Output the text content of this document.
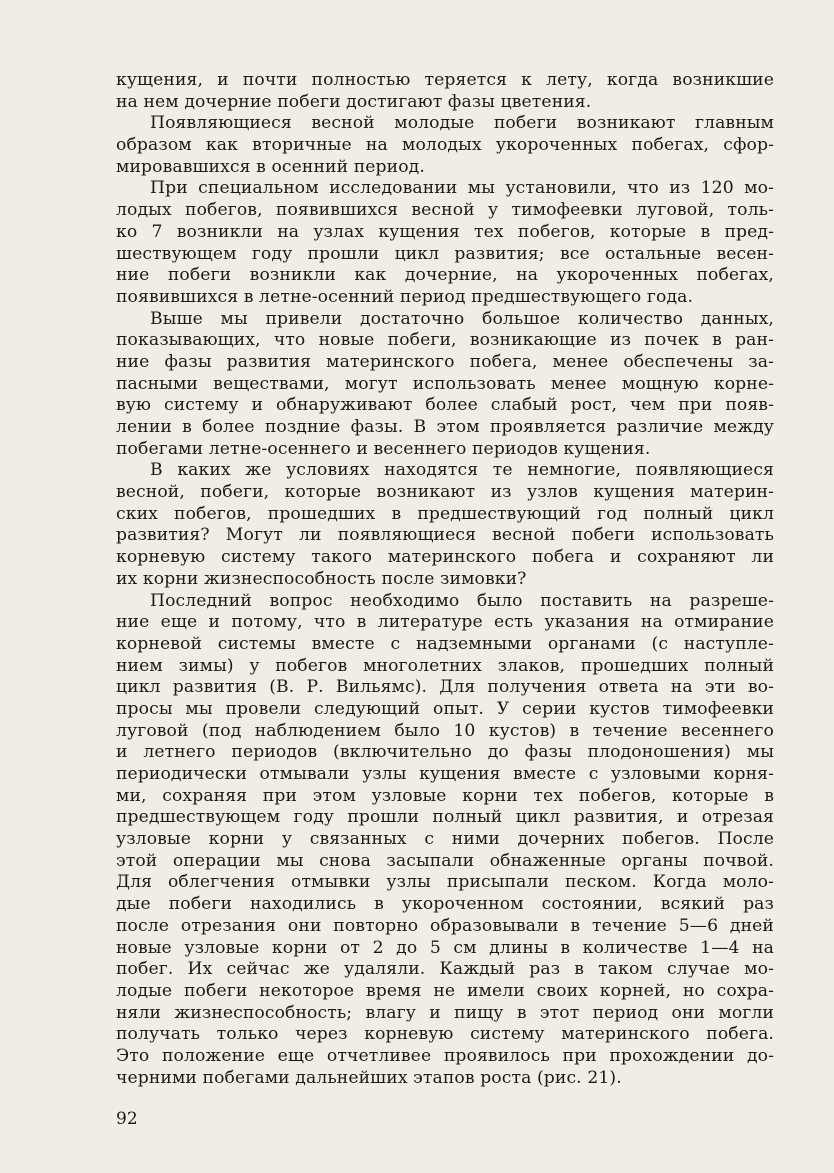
кущения, и почти полностью теряется к лету, когда возникшие
на нем дочерние побеги достигают фазы цветения.
Появляющиеся весной молодые побеги возникают главным
образом как вторичные на молодых укороченных побегах, сфор-
мировавшихся в осенний период.
При специальном исследовании мы установили, что из 120 мо-
лодых побегов, появившихся весной у тимофеевки луговой, толь-
ко 7 возникли на узлах кущения тех побегов, которые в пред-
шествующем году прошли цикл развития; все остальные весен-
ние побеги возникли как дочерние, на укороченных побегах,
появившихся в летне-осенний период предшествующего года.
Выше мы привели достаточно большое количество данных,
показывающих, что новые побеги, возникающие из почек в ран-
ние фазы развития материнского побега, менее обеспечены за-
пасными веществами, могут использовать менее мощную корне-
вую систему и обнаруживают более слабый рост, чем при появ-
лении в более поздние фазы. В этом проявляется различие между
побегами летне-осеннего и весеннего периодов кущения.
В каких же условиях находятся те немногие, появляющиеся
весной, побеги, которые возникают из узлов кущения материн-
ских побегов, прошедших в предшествующий год полный цикл
развития? Могут ли появляющиеся весной побеги использовать
корневую систему такого материнского побега и сохраняют ли
их корни жизнеспособность после зимовки?
Последний вопрос необходимо было поставить на разреше-
ние еще и потому, что в литературе есть указания на отмирание
корневой системы вместе с надземными органами (с наступле-
нием зимы) у побегов многолетних злаков, прошедших полный
цикл развития (В. Р. Вильямс). Для получения ответа на эти во-
просы мы провели следующий опыт. У серии кустов тимофеевки
луговой (под наблюдением было 10 кустов) в течение весеннего
и летнего периодов (включительно до фазы плодоношения) мы
периодически отмывали узлы кущения вместе с узловыми корня-
ми, сохраняя при этом узловые корни тех побегов, которые в
предшествующем году прошли полный цикл развития, и отрезая
узловые корни у связанных с ними дочерних побегов. После
этой операции мы снова засыпали обнаженные органы почвой.
Для облегчения отмывки узлы присыпали песком. Когда моло-
дые побеги находились в укороченном состоянии, всякий раз
после отрезания они повторно образовывали в течение 5—6 дней
новые узловые корни от 2 до 5 см длины в количестве 1—4 на
побег. Их сейчас же удаляли. Каждый раз в таком случае мо-
лодые побеги некоторое время не имели своих корней, но сохра-
няли жизнеспособность; влагу и пищу в этот период они могли
получать только через корневую систему материнского побега.
Это положение еще отчетливее проявилось при прохождении до-
черними побегами дальнейших этапов роста (рис. 21).
92
